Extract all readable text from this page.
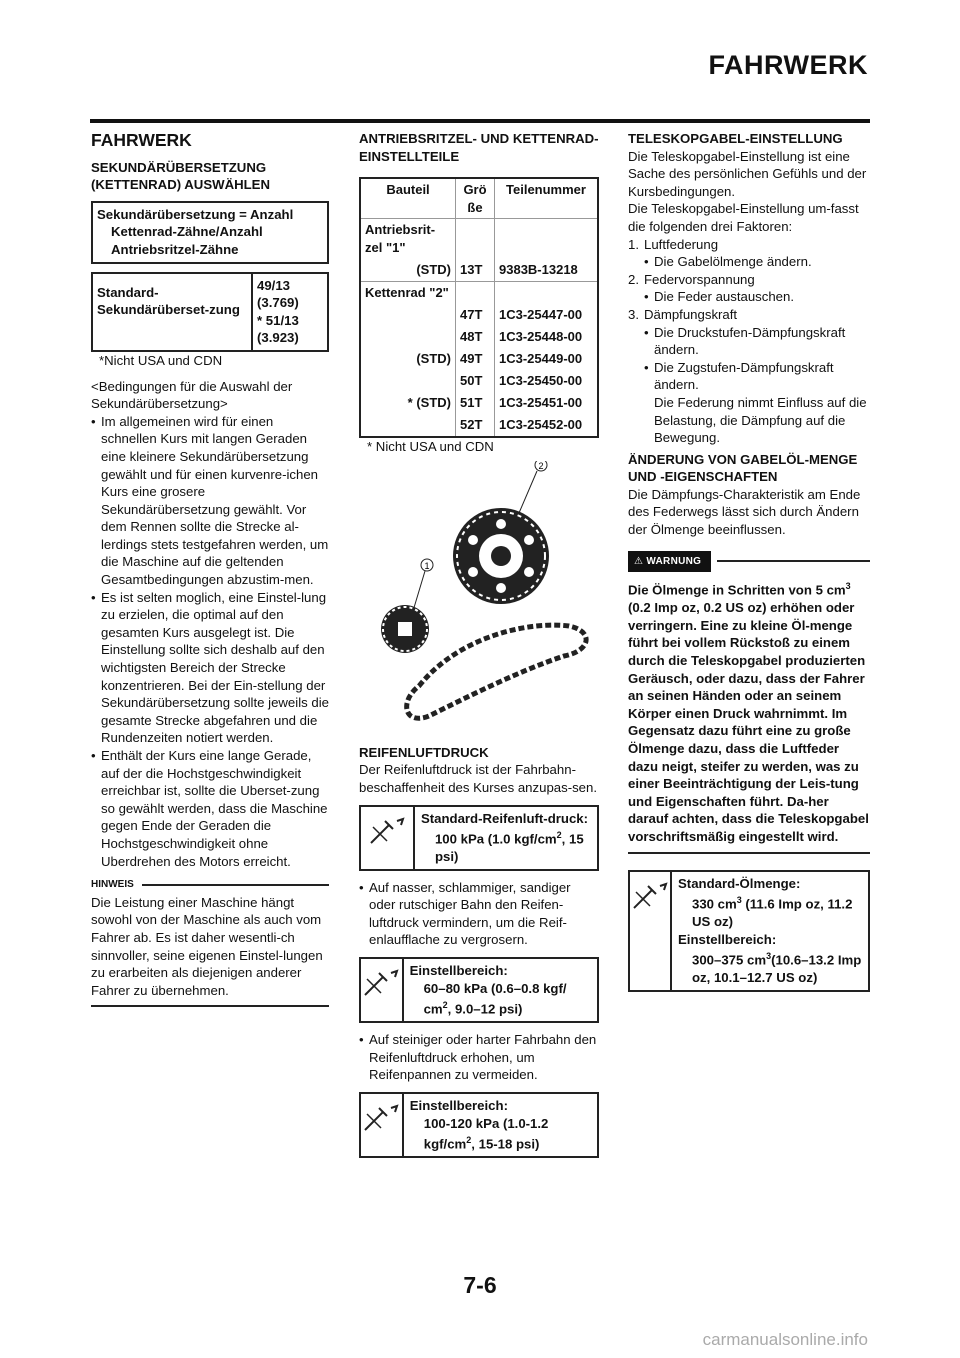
FAHRWERK
FAHRWERK
SEKUNDÄRÜBERSETZUNG (KETTENRAD) AUSWÄHLEN
Sekundärübersetzung = Anzahl
Kettenrad-Zähne/Anzahl
Antriebsritzel-Zähne
Standard-Sekundärüberset-zung
49/13
(3.769)
* 51/13
(3.923)
*Nicht USA und CDN

<Bedingungen für die Auswahl der Sekundärübersetzung>

• Im allgemeinen wird für einen schnellen Kurs mit langen Geraden eine kleinere Sekundärübersetzung gewählt und für einen kurvenre-ichen Kurs eine grosere Sekundärübersetzung gewählt. Vor dem Rennen sollte die Strecke al-lerdings stets testgefahren werden, um die Maschine auf die geltenden Gesamtbedingungen abzustim-men.
• Es ist selten moglich, eine Einstel-lung zu erzielen, die optimal auf den gesamten Kurs ausgelegt ist. Die Einstellung sollte sich deshalb auf den wichtigsten Bereich der Strecke konzentrieren. Bei der Ein-stellung der Sekundärübersetzung sollte jeweils die gesamte Strecke abgefahren und die Rundenzeiten notiert werden.
• Enthält der Kurs eine lange Gerade, auf der die Hochstgeschwindigkeit erreichbar ist, sollte die Uberset-zung so gewählt werden, dass die Maschine gegen Ende der Geraden die Hochstgeschwindigkeit ohne Uberdrehen des Motors erreicht.
HINWEIS

Die Leistung einer Maschine hängt sowohl von der Maschine als auch vom Fahrer ab. Es ist daher wesentli-ch sinnvoller, seine eigenen Einstel-lungen zu erarbeiten als diejenigen anderer Fahrer zu übernehmen.

ANTRIEBSRITZEL- UND KETTENRAD-EINSTELLTEILE
Bauteil	Grö ße	Teilenummer
Antriebsrit-zel "1"		
(STD)	13T	9383B-13218
Kettenrad "2"		
	47T	1C3-25447-00
	48T	1C3-25448-00
(STD)	49T	1C3-25449-00
	50T	1C3-25450-00
* (STD)	51T	1C3-25451-00
	52T	1C3-25452-00
* Nicht USA und CDN
1
2
REIFENLUFTDRUCK

Der Reifenluftdruck ist der Fahrbahn-beschaffenheit des Kurses anzupas-sen.

Standard-Reifenluft-druck:
100 kPa (1.0 kgf/$cm^2$, 15 psi)
• Auf nasser, schlammiger, sandiger oder rutschiger Bahn den Reifen-luftdruck vermindern, um die Reif-enlaufflache zu vergrosern.
Einstellbereich:
60–80 kPa (0.6–0.8 kgf/ $cm^2$, 9.0–12 psi)
• Auf steiniger oder harter Fahrbahn den Reifenluftdruck erhohen, um Reifenpannen zu vermeiden.
Einstellbereich:
100-120 kPa (1.0-1.2 kgf/$cm^2$, 15-18 psi)
TELESKOPGABEL-EINSTELLUNG

Die Teleskopgabel-Einstellung ist eine Sache des persönlichen Gefühls und der Kursbedingungen.

Die Teleskopgabel-Einstellung um-fasst die folgenden drei Faktoren:

1. Luftfederung
• Die Gabelölmenge ändern.
2. Federvorspannung
• Die Feder austauschen.
3. Dämpfungskraft
• Die Druckstufen-Dämpfungskraft ändern.
• Die Zugstufen-Dämpfungskraft ändern.
Die Federung nimmt Einfluss auf die Belastung, die Dämpfung auf die Bewegung.
ÄNDERUNG VON GABELÖL-MENGE UND -EIGENSCHAFTEN

Die Dämpfungs-Charakteristik am Ende des Federwegs lässt sich durch Ändern der Ölmenge beeinflussen.

⚠ WARNUNG

Die Ölmenge in Schritten von 5 $cm^3$ (0.2 Imp oz, 0.2 US oz) erhöhen oder verringern. Eine zu kleine Öl-menge führt bei vollem Rückstoß zu einem durch die Teleskopgabel produzierten Geräusch, oder dazu, dass der Fahrer an seinen Händen oder an seinem Körper einen Druck wahrnimmt. Im Gegensatz dazu führt eine zu große Ölmenge dazu, dass die Luftfeder dazu neigt, steifer zu werden, was zu einer Beeinträchtigung der Leis-tung und Eigenschaften führt. Da-her darauf achten, dass die Teleskopgabel vorschriftsmäßig eingestellt wird.

Standard-Ölmenge:
330 $cm^3$ (11.6 Imp oz, 11.2 US oz)
Einstellbereich:
300–375 $cm^3(10.6-13.2$ Imp oz, 10.1–12.7 US oz)
7-6
carmanualsonline.info
